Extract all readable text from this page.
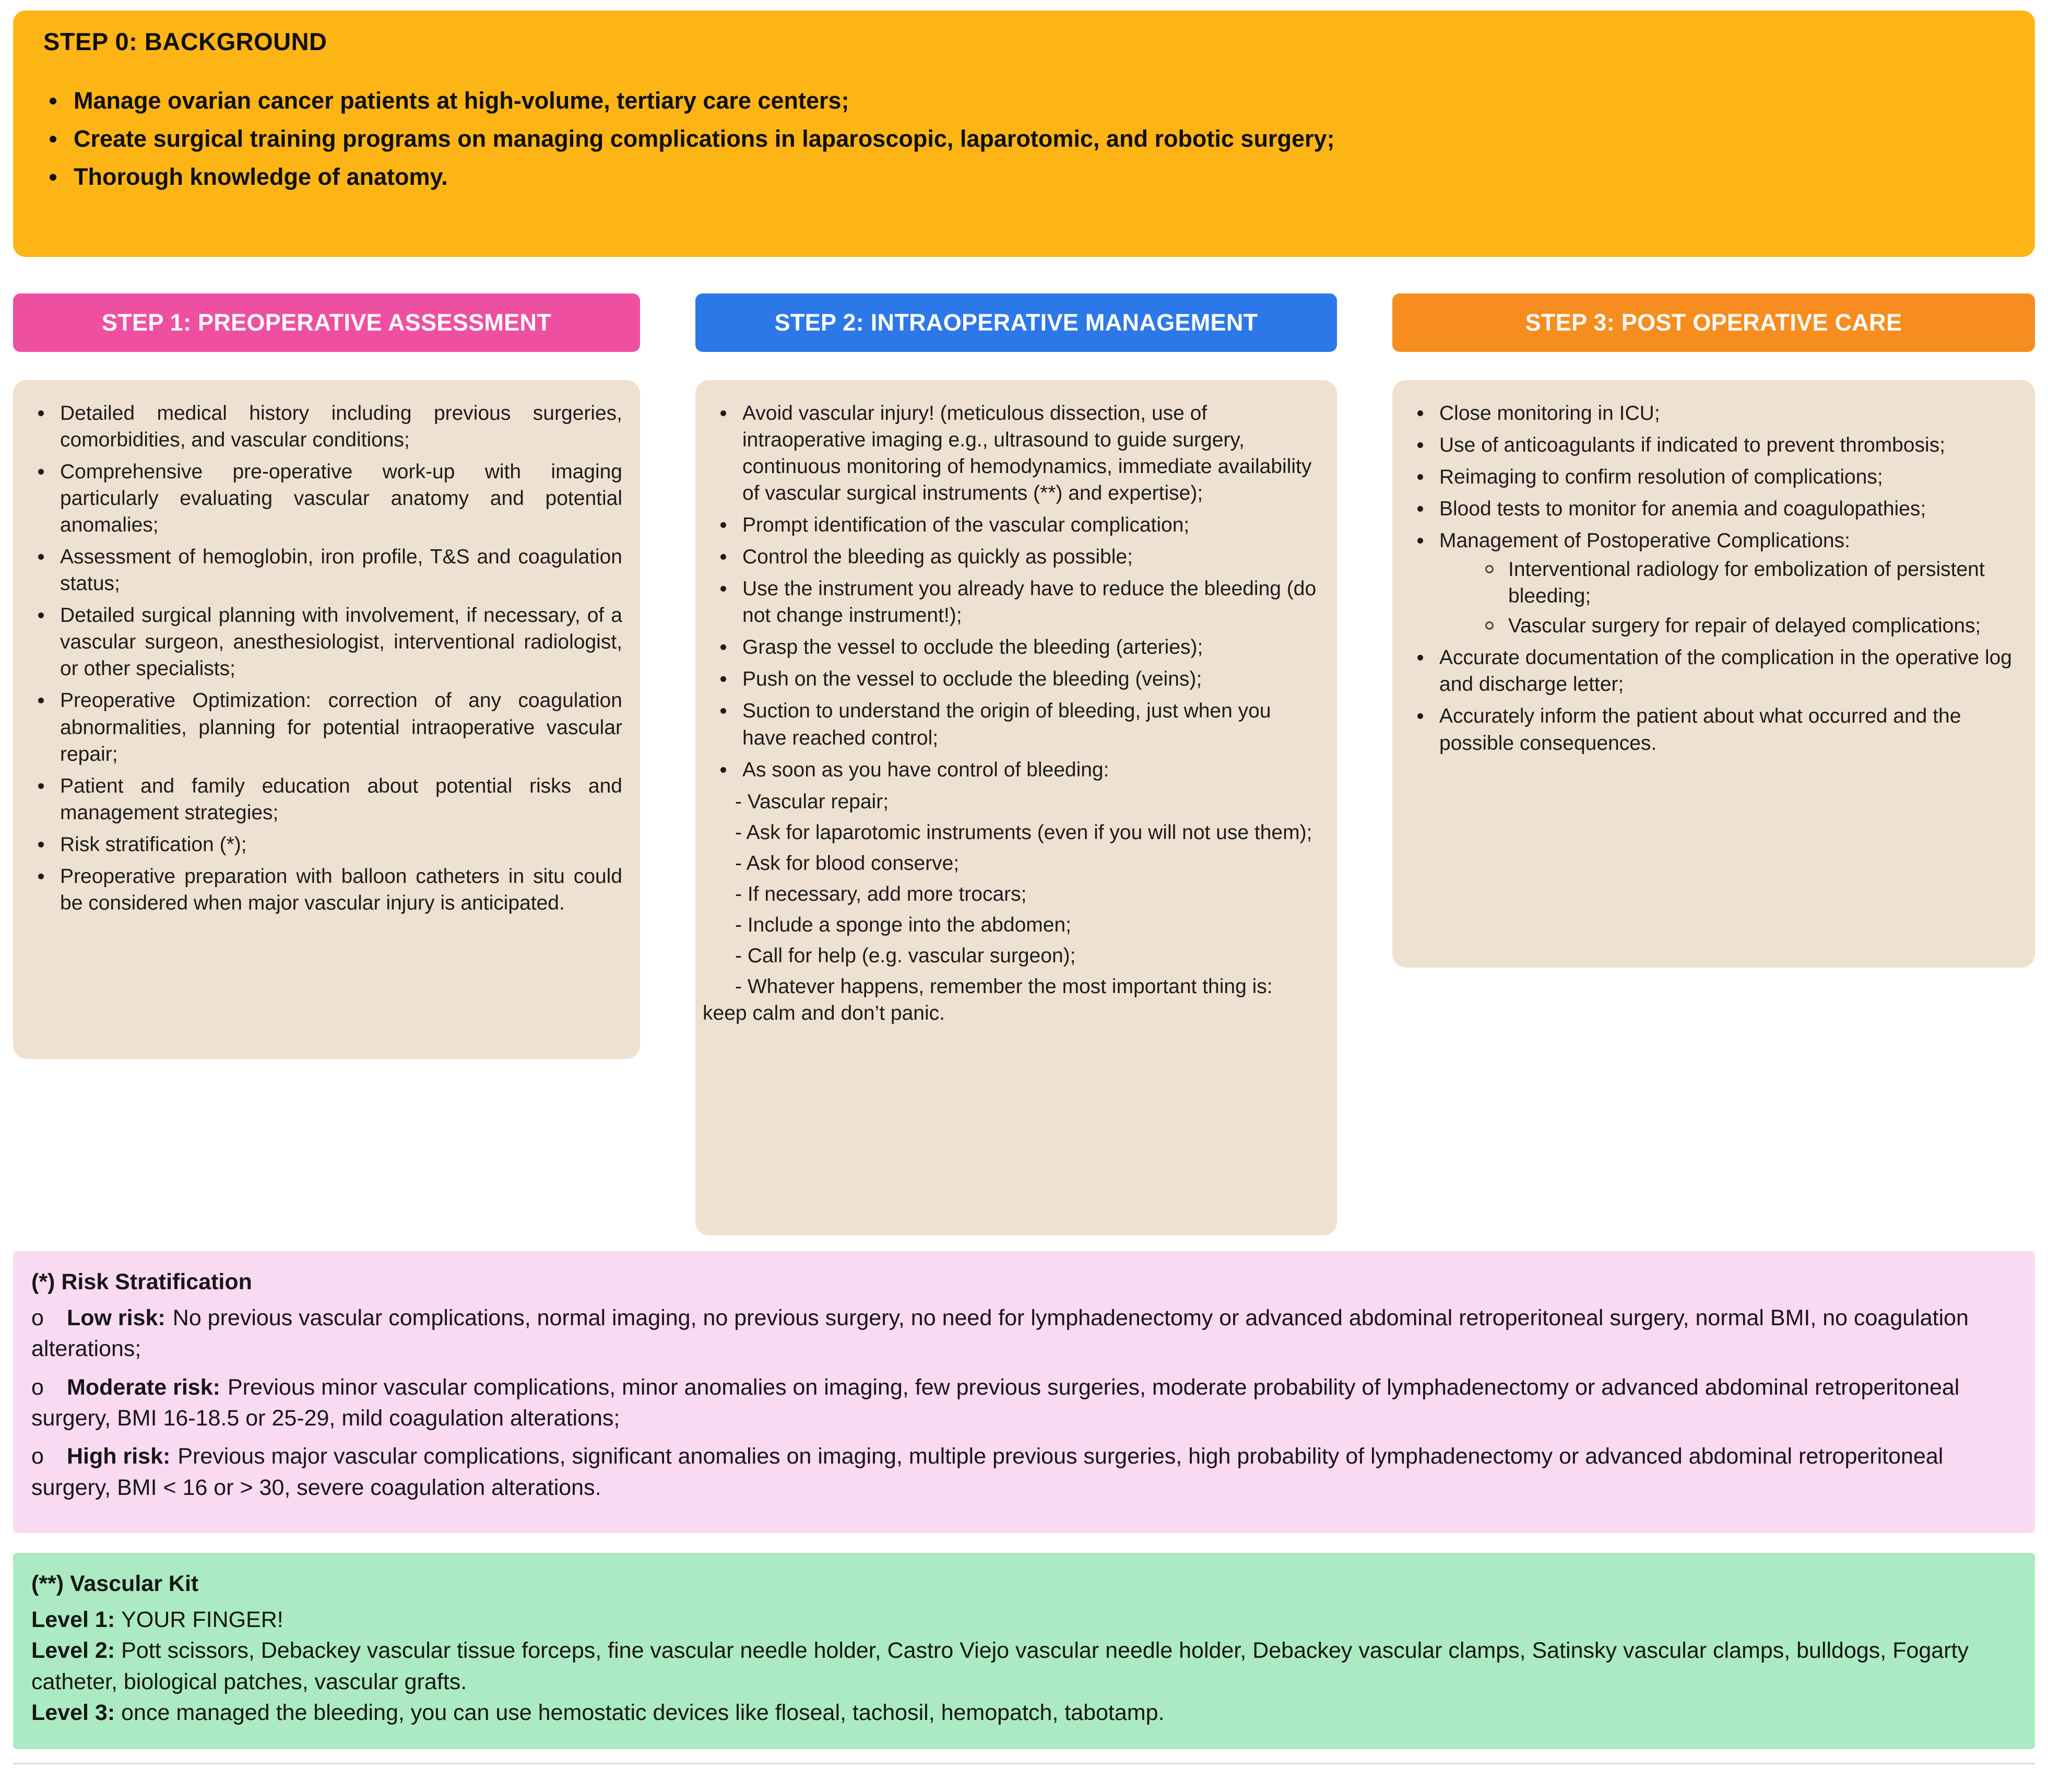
STEP 0: BACKGROUND
Manage ovarian cancer patients at high-volume, tertiary care centers;
Create surgical training programs on managing complications in laparoscopic, laparotomic, and robotic surgery;
Thorough knowledge of anatomy.
STEP 1: PREOPERATIVE ASSESSMENT
Detailed medical history including previous surgeries, comorbidities, and vascular conditions;
Comprehensive pre-operative work-up with imaging particularly evaluating vascular anatomy and potential anomalies;
Assessment of hemoglobin, iron profile, T&S and coagulation status;
Detailed surgical planning with involvement, if necessary, of a vascular surgeon, anesthesiologist, interventional radiologist, or other specialists;
Preoperative Optimization: correction of any coagulation abnormalities, planning for potential intraoperative vascular repair;
Patient and family education about potential risks and management strategies;
Risk stratification (*);
Preoperative preparation with balloon catheters in situ could be considered when major vascular injury is anticipated.
STEP 2: INTRAOPERATIVE MANAGEMENT
Avoid vascular injury! (meticulous dissection, use of intraoperative imaging e.g., ultrasound to guide surgery, continuous monitoring of hemodynamics, immediate availability of vascular surgical instruments (**) and expertise);
Prompt identification of the vascular complication;
Control the bleeding as quickly as possible;
Use the instrument you already have to reduce the bleeding (do not change instrument!);
Grasp the vessel to occlude the bleeding (arteries);
Push on the vessel to occlude the bleeding (veins);
Suction to understand the origin of bleeding, just when you have reached control;
As soon as you have control of bleeding:

- Vascular repair;

- Ask for laparotomic instruments (even if you will not use them);

- Ask for blood conserve;

- If necessary, add more trocars;

- Include a sponge into the abdomen;

- Call for help (e.g. vascular surgeon);

- Whatever happens, remember the most important thing is: keep calm and don’t panic.

STEP 3: POST OPERATIVE CARE
Close monitoring in ICU;
Use of anticoagulants if indicated to prevent thrombosis;
Reimaging to confirm resolution of complications;
Blood tests to monitor for anemia and coagulopathies;
Management of Postoperative Complications:
Interventional radiology for embolization of persistent bleeding;
Vascular surgery for repair of delayed complications;
Accurate documentation of the complication in the operative log and discharge letter;
Accurately inform the patient about what occurred and the possible consequences.

(*) Risk Stratification

o Low risk: No previous vascular complications, normal imaging, no previous surgery, no need for lymphadenectomy or advanced abdominal retroperitoneal surgery, normal BMI, no coagulation alterations;

o Moderate risk: Previous minor vascular complications, minor anomalies on imaging, few previous surgeries, moderate probability of lymphadenectomy or advanced abdominal retroperitoneal surgery, BMI 16-18.5 or 25-29, mild coagulation alterations;

o High risk: Previous major vascular complications, significant anomalies on imaging, multiple previous surgeries, high probability of lymphadenectomy or advanced abdominal retroperitoneal surgery, BMI < 16 or > 30, severe coagulation alterations.

(**) Vascular Kit

Level 1: YOUR FINGER!

Level 2: Pott scissors, Debackey vascular tissue forceps, fine vascular needle holder, Castro Viejo vascular needle holder, Debackey vascular clamps, Satinsky vascular clamps, bulldogs, Fogarty catheter, biological patches, vascular grafts.

Level 3: once managed the bleeding, you can use hemostatic devices like floseal, tachosil, hemopatch, tabotamp.
